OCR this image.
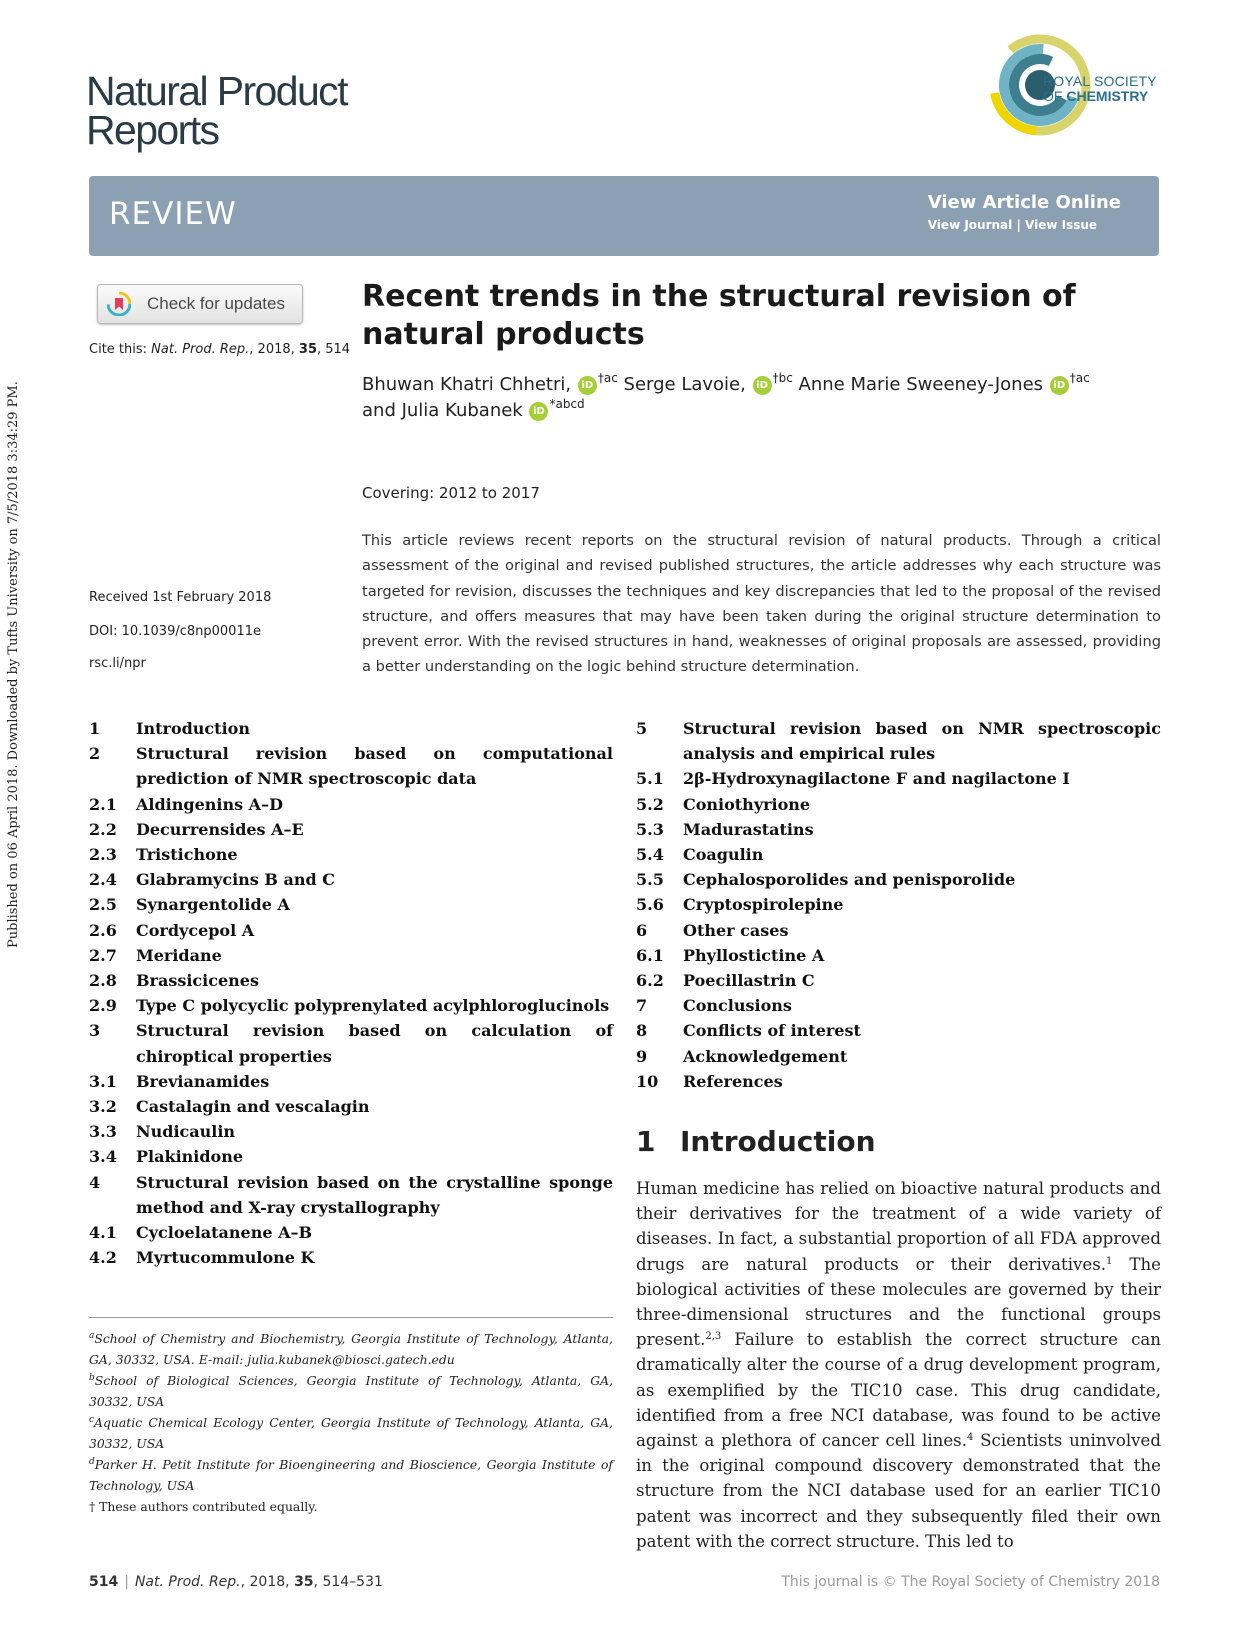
Published on 06 April 2018. Downloaded by Tufts University on 7/5/2018 3:34:29 PM.
Natural Product
Reports
ROYAL SOCIETY
OF CHEMISTRY
REVIEW	View Article Online
View Journal | View Issue
Check for updates
Cite this: Nat. Prod. Rep., 2018, 35, 514
Received 1st February 2018
DOI: 10.1039/c8np00011e
rsc.li/npr
Recent trends in the structural revision of natural products
Bhuwan Khatri Chhetri, $iD^{\dagger ac}$ Serge Lavoie, $iD^{\dagger bc}$ Anne Marie Sweeney-Jones $iD^{\dagger ac}$
and Julia Kubanek $iD^{*abcd}$
Covering: 2012 to 2017

This article reviews recent reports on the structural revision of natural products. Through a critical assessment of the original and revised published structures, the article addresses why each structure was targeted for revision, discusses the techniques and key discrepancies that led to the proposal of the revised structure, and offers measures that may have been taken during the original structure determination to prevent error. With the revised structures in hand, weaknesses of original proposals are assessed, providing a better understanding on the logic behind structure determination.

1	Introduction
2	Structural revision based on computational prediction of NMR spectroscopic data
2.1	Aldingenins A–D
2.2	Decurrensides A–E
2.3	Tristichone
2.4	Glabramycins B and C
2.5	Synargentolide A
2.6	Cordycepol A
2.7	Meridane
2.8	Brassicicenes
2.9	Type C polycyclic polyprenylated acylphloroglucinols
3	Structural revision based on calculation of chiroptical properties
3.1	Brevianamides
3.2	Castalagin and vescalagin
3.3	Nudicaulin
3.4	Plakinidone
4	Structural revision based on the crystalline sponge method and X-ray crystallography
4.1	Cycloelatanene A–B
4.2	Myrtucommulone K
5	Structural revision based on NMR spectroscopic analysis and empirical rules
5.1	2β-Hydroxynagilactone F and nagilactone I
5.2	Coniothyrione
5.3	Madurastatins
5.4	Coagulin
5.5	Cephalosporolides and penisporolide
5.6	Cryptospirolepine
6	Other cases
6.1	Phyllostictine A
6.2	Poecillastrin C
7	Conclusions
8	Conflicts of interest
9	Acknowledgement
10	References
1 Introduction

Human medicine has relied on bioactive natural products and their derivatives for the treatment of a wide variety of diseases. In fact, a substantial proportion of all FDA approved drugs are natural products or their derivatives.$^1$ The biological activities of these molecules are governed by their three-dimensional structures and the functional groups present.$^{2,3}$ Failure to establish the correct structure can dramatically alter the course of a drug development program, as exemplified by the TIC10 case. This drug candidate, identified from a free NCI database, was found to be active against a plethora of cancer cell lines.$^4$ Scientists uninvolved in the original compound discovery demonstrated that the structure from the NCI database used for an earlier TIC10 patent was incorrect and they subsequently filed their own patent with the correct structure. This led to

$^a$School of Chemistry and Biochemistry, Georgia Institute of Technology, Atlanta, GA, 30332, USA. E-mail: julia.kubanek@biosci.gatech.edu
$^b$School of Biological Sciences, Georgia Institute of Technology, Atlanta, GA, 30332, USA
$^c$Aquatic Chemical Ecology Center, Georgia Institute of Technology, Atlanta, GA, 30332, USA
$^d$Parker H. Petit Institute for Bioengineering and Bioscience, Georgia Institute of Technology, USA
† These authors contributed equally.
514 | Nat. Prod. Rep., 2018, 35, 514–531	This journal is © The Royal Society of Chemistry 2018
